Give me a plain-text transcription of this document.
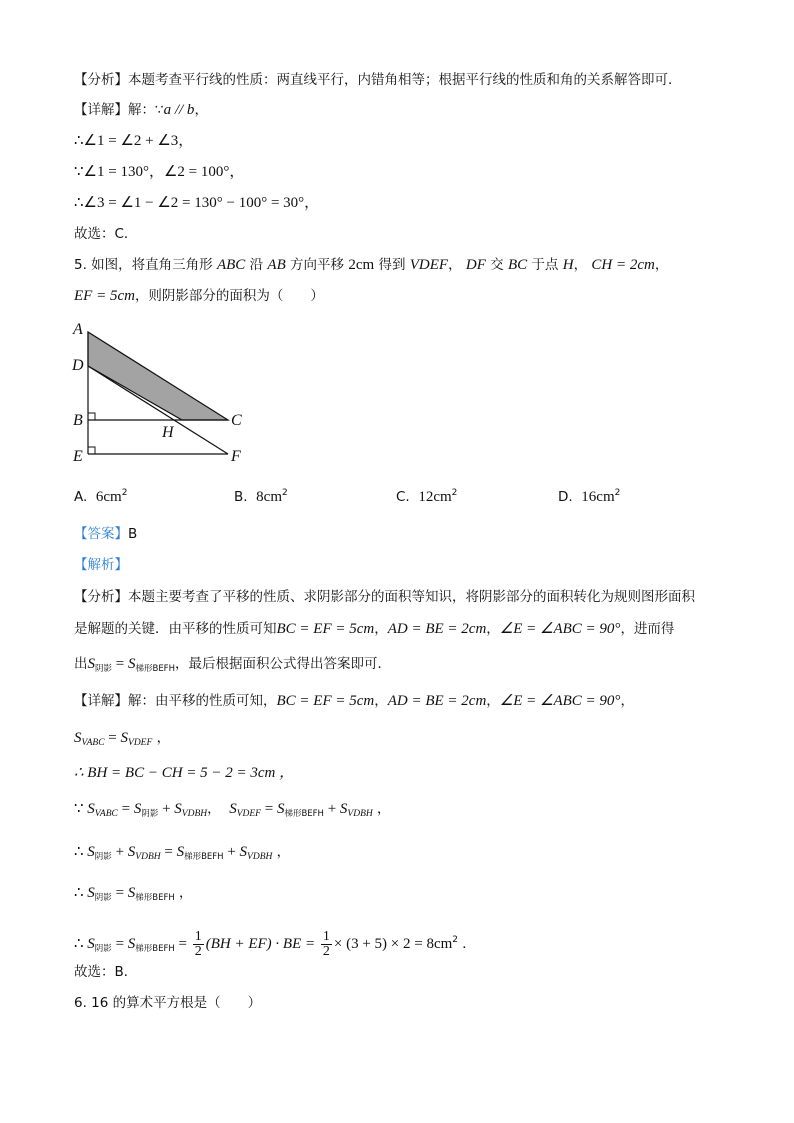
【分析】本题考查平行线的性质：两直线平行，内错角相等；根据平行线的性质和角的关系解答即可．
【详解】解：∵a // b，
∴∠1 = ∠2 + ∠3，
∵∠1 = 130°，∠2 = 100°，
∴∠3 = ∠1 − ∠2 = 130° − 100° = 30°，
故选：C．
5. 如图，将直角三角形 ABC 沿 AB 方向平移 2cm 得到 VDEF， DF 交 BC 于点 H， CH = 2cm，
EF = 5cm，则阴影部分的面积为（　　）
A
D
B	C
H
E	F
A. $6cm^2$	B. $8cm^2$	C. $12cm^2$	D. $16cm^2$
【答案】B
【解析】
【分析】本题主要考查了平移的性质、求阴影部分的面积等知识，将阴影部分的面积转化为规则图形面积
是解题的关键．由平移的性质可知BC = EF = 5cm，AD = BE = 2cm，∠E = ∠ABC = 90°，进而得
出$S_{阴影} = S_{梯形BEFH}$，最后根据面积公式得出答案即可．
【详解】解：由平移的性质可知，BC = EF = 5cm，AD = BE = 2cm，∠E = ∠ABC = 90°，
$S_{VABC} = S_{VDEF}$ ，
∴ BH = BC − CH = 5 − 2 = 3cm ，
∵ $S_{VABC} = S_{阴影} + S_{VDBH}$， $S_{VDEF} = S_{梯形BEFH} + S_{VDBH}$ ，
∴ $S_{阴影} + S_{VDBH} = S_{梯形BEFH} + S_{VDBH}$ ，
∴ $S_{阴影} = S_{梯形BEFH}$ ，
∴ $S_{阴影} = S_{梯形BEFH} = \frac{1}{2} (BH + EF)$ · BE = $\frac{1}{2} \times (3 + 5) \times 2 = 8cm^2$ ．
故选：B．
6. 16 的算术平方根是（　　）
